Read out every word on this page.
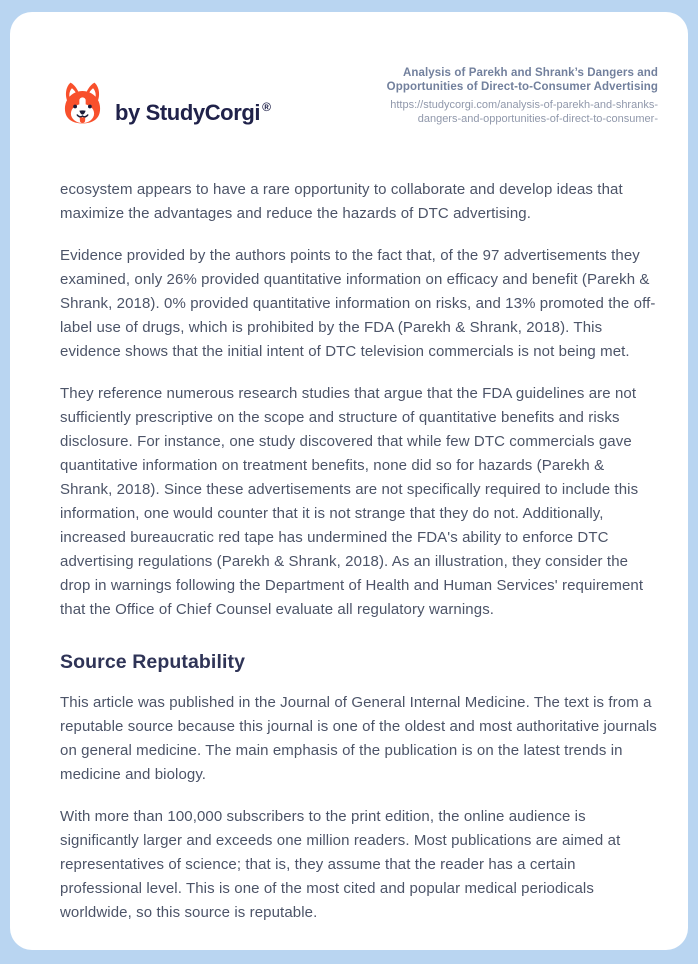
by StudyCorgi ®
Analysis of Parekh and Shrank’s Dangers and Opportunities of Direct-to-Consumer Advertising
https://studycorgi.com/analysis-of-parekh-and-shranks-dangers-and-opportunities-of-direct-to-consumer-

ecosystem appears to have a rare opportunity to collaborate and develop ideas that maximize the advantages and reduce the hazards of DTC advertising.

Evidence provided by the authors points to the fact that, of the 97 advertisements they examined, only 26% provided quantitative information on efficacy and benefit (Parekh & Shrank, 2018). 0% provided quantitative information on risks, and 13% promoted the off-label use of drugs, which is prohibited by the FDA (Parekh & Shrank, 2018). This evidence shows that the initial intent of DTC television commercials is not being met.

They reference numerous research studies that argue that the FDA guidelines are not sufficiently prescriptive on the scope and structure of quantitative benefits and risks disclosure. For instance, one study discovered that while few DTC commercials gave quantitative information on treatment benefits, none did so for hazards (Parekh & Shrank, 2018). Since these advertisements are not specifically required to include this information, one would counter that it is not strange that they do not. Additionally, increased bureaucratic red tape has undermined the FDA's ability to enforce DTC advertising regulations (Parekh & Shrank, 2018). As an illustration, they consider the drop in warnings following the Department of Health and Human Services' requirement that the Office of Chief Counsel evaluate all regulatory warnings.

Source Reputability

This article was published in the Journal of General Internal Medicine. The text is from a reputable source because this journal is one of the oldest and most authoritative journals on general medicine. The main emphasis of the publication is on the latest trends in medicine and biology.

With more than 100,000 subscribers to the print edition, the online audience is significantly larger and exceeds one million readers. Most publications are aimed at representatives of science; that is, they assume that the reader has a certain professional level. This is one of the most cited and popular medical periodicals worldwide, so this source is reputable.
